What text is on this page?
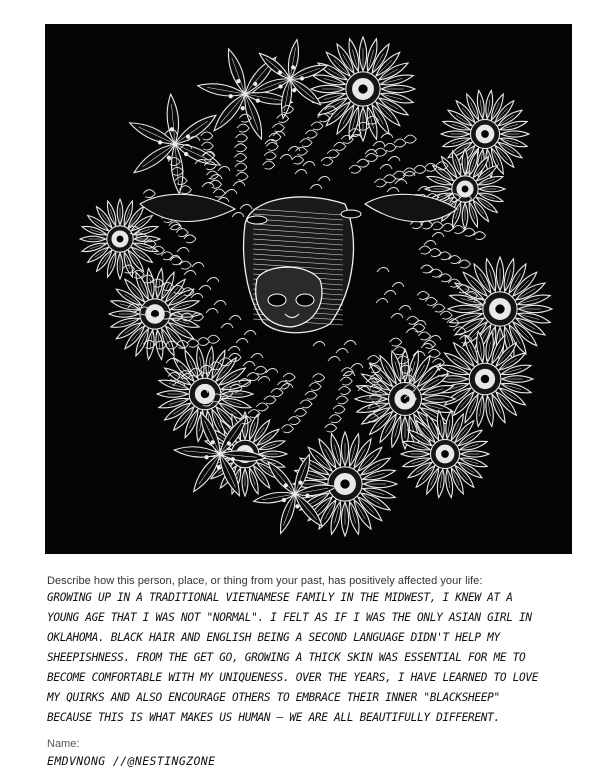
Describe how this person, place, or thing from your past, has positively affected your life:
GROWING UP IN A TRADITIONAL VIETNAMESE FAMILY IN THE MIDWEST, I KNEW AT A
YOUNG AGE THAT I WAS NOT "NORMAL". I FELT AS IF I WAS THE ONLY ASIAN GIRL IN
OKLAHOMA. BLACK HAIR AND ENGLISH BEING A SECOND LANGUAGE DIDN'T HELP MY
SHEEPISHNESS. FROM THE GET GO, GROWING A THICK SKIN WAS ESSENTIAL FOR ME TO
BECOME COMFORTABLE WITH MY UNIQUENESS. OVER THE YEARS, I HAVE LEARNED TO LOVE
MY QUIRKS AND ALSO ENCOURAGE OTHERS TO EMBRACE THEIR INNER "BLACKSHEEP"
BECAUSE THIS IS WHAT MAKES US HUMAN — WE ARE ALL BEAUTIFULLY DIFFERENT.
Name:
EMDVNONG //@NESTINGZONE
